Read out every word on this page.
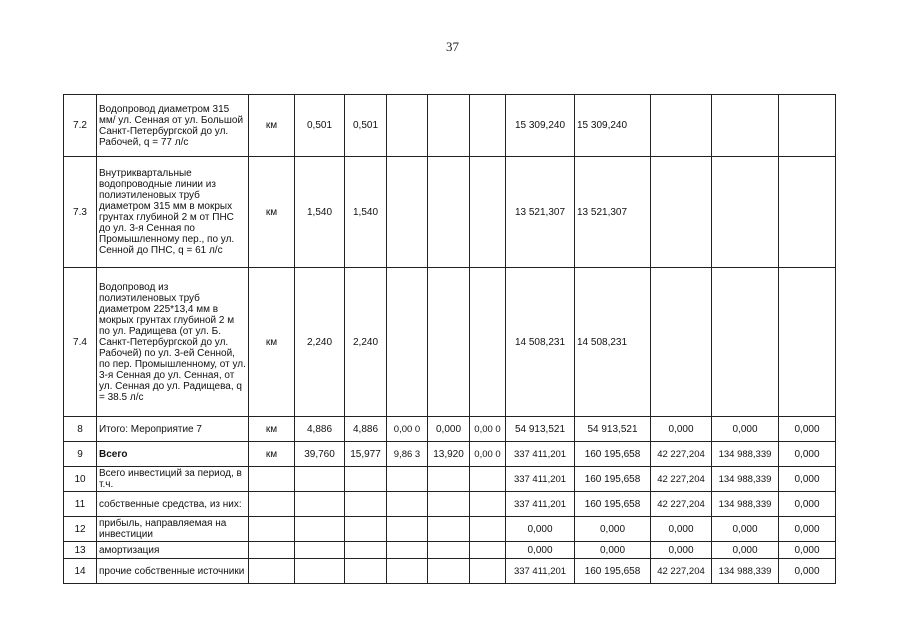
37
7.2	Водопровод диаметром 315 мм/ ул. Сенная от ул. Большой Санкт-Петербургской до ул. Рабочей, q = 77 л/с	км	0,501	0,501				15 309,240	15 309,240			
7.3	Внутриквартальные водопроводные линии из полиэтиленовых труб диаметром 315 мм в мокрых грунтах глубиной 2 м от ПНС до ул. 3-я Сенная по Промышленному пер., по ул. Сенной до ПНС, q = 61 л/с	км	1,540	1,540				13 521,307	13 521,307			
7.4	Водопровод из полиэтиленовых труб диаметром 225*13,4 мм в мокрых грунтах глубиной 2 м по ул. Радищева (от ул. Б. Санкт-Петербургской до ул. Рабочей) по ул. 3-ей Сенной, по пер. Промышленному, от ул. 3-я Сенная до ул. Сенная, от ул. Сенная до ул. Радищева, q = 38.5 л/с	км	2,240	2,240				14 508,231	14 508,231			
8	Итого: Мероприятие 7	км	4,886	4,886	0,00 0	0,000	0,00 0	54 913,521	54 913,521	0,000	0,000	0,000
9	Всего	км	39,760	15,977	9,86 3	13,920	0,00 0	337 411,201	160 195,658	42 227,204	134 988,339	0,000
10	Всего инвестиций за период, в т.ч.							337 411,201	160 195,658	42 227,204	134 988,339	0,000
11	собственные средства, из них:							337 411,201	160 195,658	42 227,204	134 988,339	0,000
12	прибыль, направляемая на инвестиции							0,000	0,000	0,000	0,000	0,000
13	амортизация							0,000	0,000	0,000	0,000	0,000
14	прочие собственные источники							337 411,201	160 195,658	42 227,204	134 988,339	0,000
